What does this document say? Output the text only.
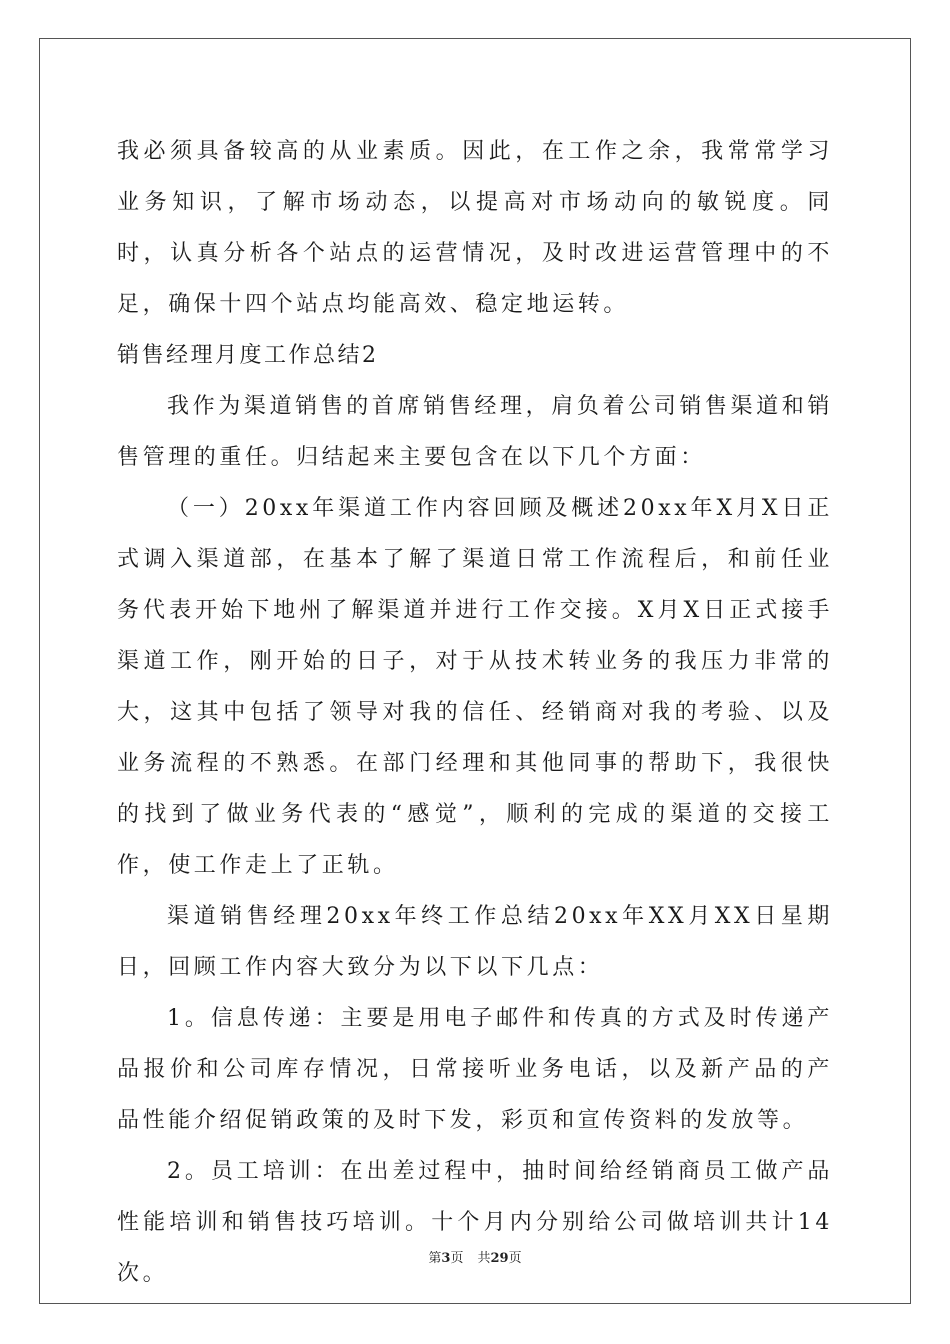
我必须具备较高的从业素质。因此，在工作之余，我常常学习业务知识，了解市场动态，以提高对市场动向的敏锐度。同时，认真分析各个站点的运营情况，及时改进运营管理中的不足，确保十四个站点均能高效、稳定地运转。

销售经理月度工作总结2

我作为渠道销售的首席销售经理，肩负着公司销售渠道和销售管理的重任。归结起来主要包含在以下几个方面：

（一）20xx年渠道工作内容回顾及概述20xx年X月X日正式调入渠道部，在基本了解了渠道日常工作流程后，和前任业务代表开始下地州了解渠道并进行工作交接。X月X日正式接手渠道工作，刚开始的日子，对于从技术转业务的我压力非常的大，这其中包括了领导对我的信任、经销商对我的考验、以及业务流程的不熟悉。在部门经理和其他同事的帮助下，我很快的找到了做业务代表的“感觉”，顺利的完成的渠道的交接工作，使工作走上了正轨。

渠道销售经理20xx年终工作总结20xx年XX月XX日星期日，回顾工作内容大致分为以下以下几点：

1。信息传递：主要是用电子邮件和传真的方式及时传递产品报价和公司库存情况，日常接听业务电话，以及新产品的产品性能介绍促销政策的及时下发，彩页和宣传资料的发放等。

2。员工培训：在出差过程中，抽时间给经销商员工做产品性能培训和销售技巧培训。十个月内分别给公司做培训共计14次。

第3页 共29页
